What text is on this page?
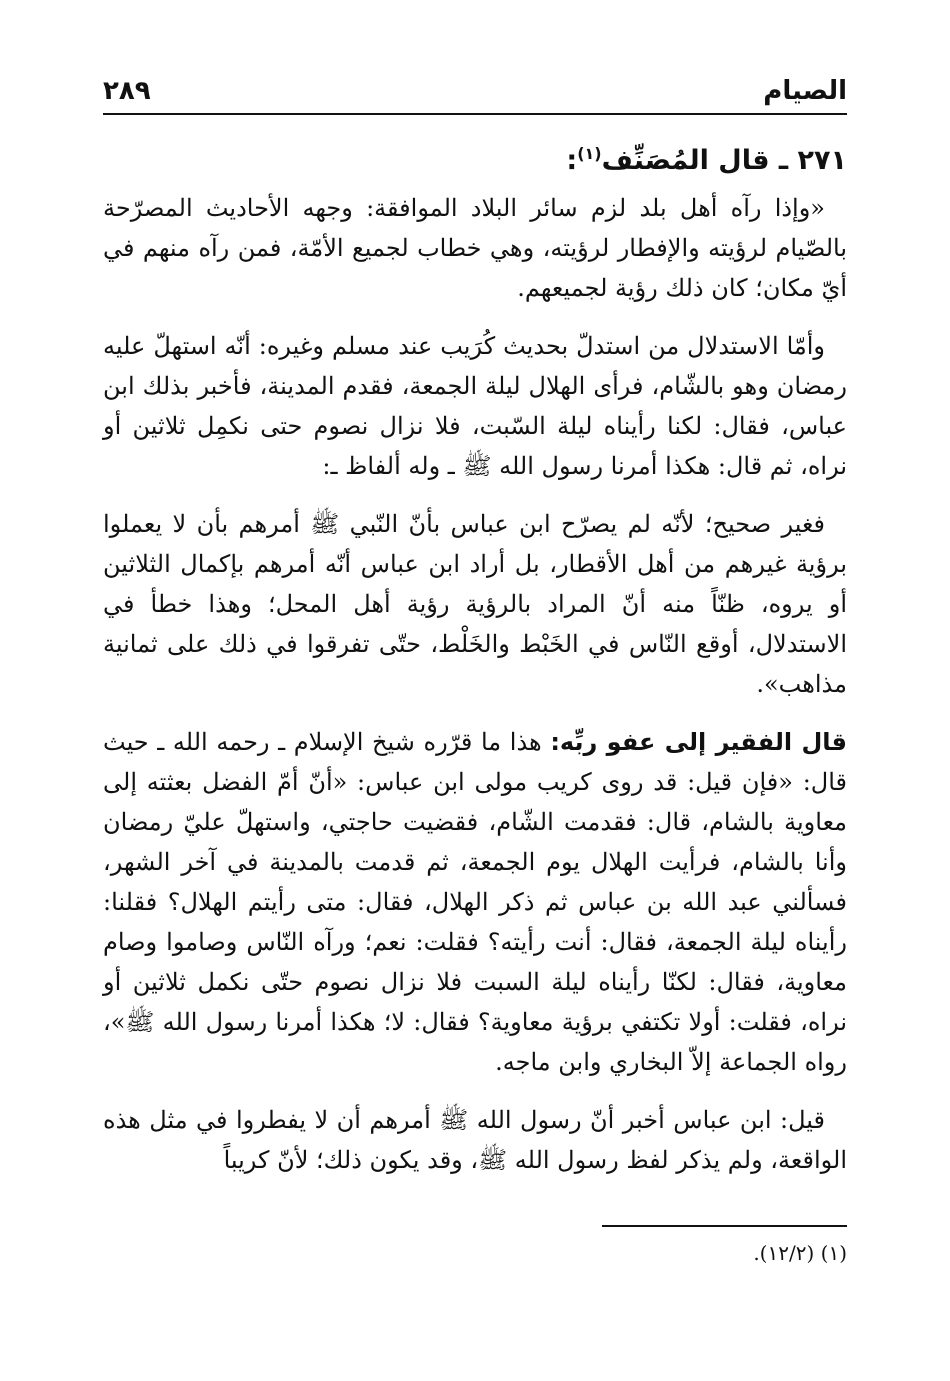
الصيام
٢٨٩
٢٧١ ـ قال المُصَنِّف$^{(١)}$:

«وإذا رآه أهل بلد لزم سائر البلاد الموافقة: وجهه الأحاديث المصرّحة بالصّيام لرؤيته والإفطار لرؤيته، وهي خطاب لجميع الأمّة، فمن رآه منهم في أيّ مكان؛ كان ذلك رؤية لجميعهم.

وأمّا الاستدلال من استدلّ بحديث كُرَيب عند مسلم وغيره: أنّه استهلّ عليه رمضان وهو بالشّام، فرأى الهلال ليلة الجمعة، فقدم المدينة، فأخبر بذلك ابن عباس، فقال: لكنا رأيناه ليلة السّبت، فلا نزال نصوم حتى نكمِل ثلاثين أو نراه، ثم قال: هكذا أمرنا رسول الله ﷺ ـ وله ألفاظ ـ:

فغير صحيح؛ لأنّه لم يصرّح ابن عباس بأنّ النّبي ﷺ أمرهم بأن لا يعملوا برؤية غيرهم من أهل الأقطار، بل أراد ابن عباس أنّه أمرهم بإكمال الثلاثين أو يروه، ظنّاً منه أنّ المراد بالرؤية رؤية أهل المحل؛ وهذا خطأ في الاستدلال، أوقع النّاس في الخَبْط والخَلْط، حتّى تفرقوا في ذلك على ثمانية مذاهب».

قال الفقير إلى عفو ربِّه: هذا ما قرّره شيخ الإسلام ـ رحمه الله ـ حيث قال: «فإن قيل: قد روى كريب مولى ابن عباس: «أنّ أمّ الفضل بعثته إلى معاوية بالشام، قال: فقدمت الشّام، فقضيت حاجتي، واستهلّ عليّ رمضان وأنا بالشام، فرأيت الهلال يوم الجمعة، ثم قدمت بالمدينة في آخر الشهر، فسألني عبد الله بن عباس ثم ذكر الهلال، فقال: متى رأيتم الهلال؟ فقلنا: رأيناه ليلة الجمعة، فقال: أنت رأيته؟ فقلت: نعم؛ ورآه النّاس وصاموا وصام معاوية، فقال: لكنّا رأيناه ليلة السبت فلا نزال نصوم حتّى نكمل ثلاثين أو نراه، فقلت: أولا تكتفي برؤية معاوية؟ فقال: لا؛ هكذا أمرنا رسول الله ﷺ»، رواه الجماعة إلاّ البخاري وابن ماجه.

قيل: ابن عباس أخبر أنّ رسول الله ﷺ أمرهم أن لا يفطروا في مثل هذه الواقعة، ولم يذكر لفظ رسول الله ﷺ، وقد يكون ذلك؛ لأنّ كريباً

(١) (١٢/٢).
